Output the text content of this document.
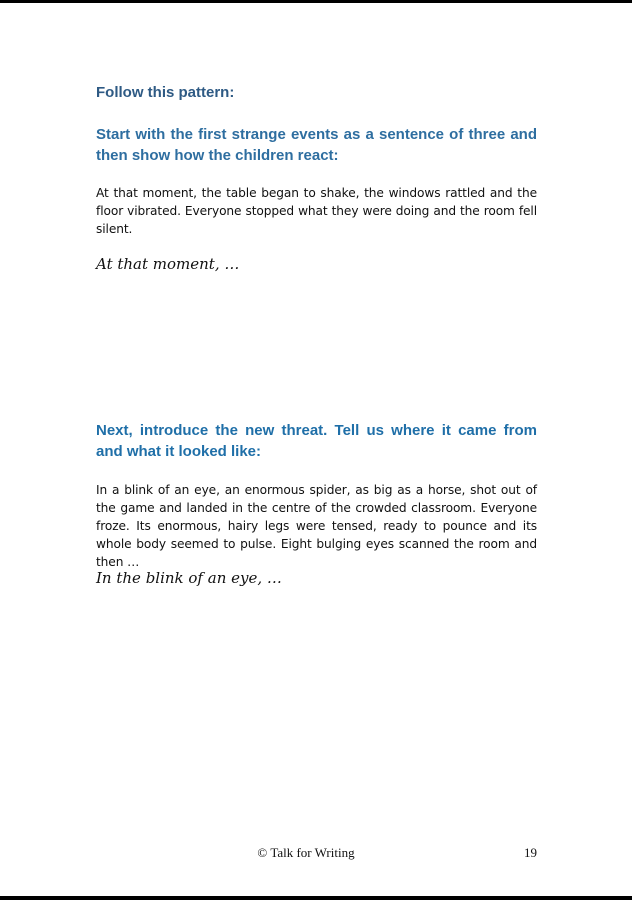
Follow this pattern:

Start with the first strange events as a sentence of three and then show how the children react:

At that moment, the table began to shake, the windows rattled and the floor vibrated. Everyone stopped what they were doing and the room fell silent.

At that moment, …

Next, introduce the new threat. Tell us where it came from and what it looked like:

In a blink of an eye, an enormous spider, as big as a horse, shot out of the game and landed in the centre of the crowded classroom. Everyone froze. Its enormous, hairy legs were tensed, ready to pounce and its whole body seemed to pulse. Eight bulging eyes scanned the room and then …

In the blink of an eye, …

© Talk for Writing	19
